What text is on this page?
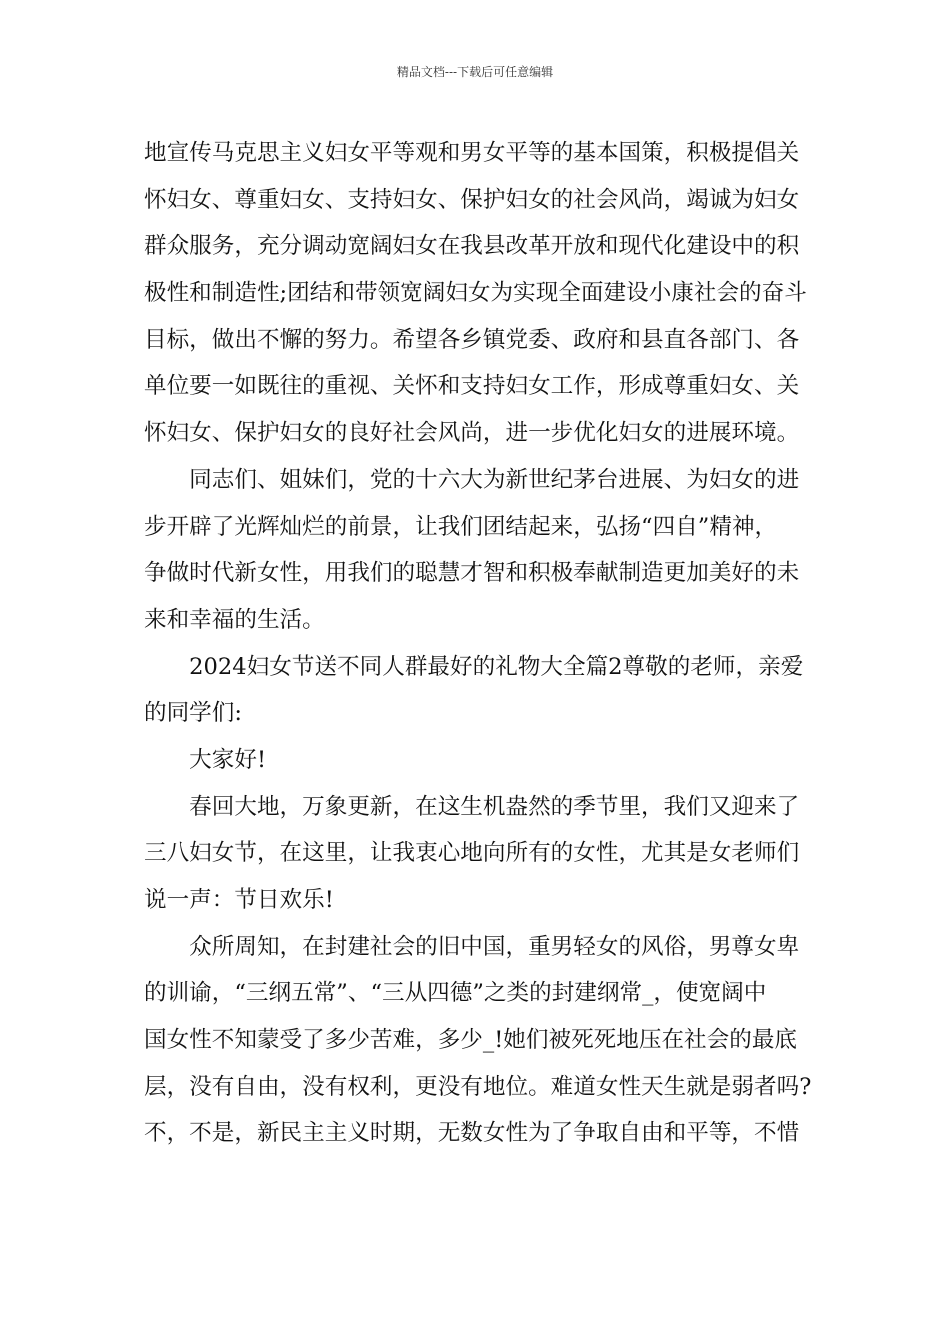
精品文档---下载后可任意编辑

地宣传马克思主义妇女平等观和男女平等的基本国策，积极提倡关
怀妇女、尊重妇女、支持妇女、保护妇女的社会风尚，竭诚为妇女
群众服务，充分调动宽阔妇女在我县改革开放和现代化建设中的积
极性和制造性;团结和带领宽阔妇女为实现全面建设小康社会的奋斗
目标，做出不懈的努力。希望各乡镇党委、政府和县直各部门、各
单位要一如既往的重视、关怀和支持妇女工作，形成尊重妇女、关
怀妇女、保护妇女的良好社会风尚，进一步优化妇女的进展环境。

　　同志们、姐妹们，党的十六大为新世纪茅台进展、为妇女的进
步开辟了光辉灿烂的前景，让我们团结起来，弘扬“四自”精神，
争做时代新女性，用我们的聪慧才智和积极奉献制造更加美好的未
来和幸福的生活。

　　2024妇女节送不同人群最好的礼物大全篇2尊敬的老师，亲爱
的同学们:

　　大家好!

　　春回大地，万象更新，在这生机盎然的季节里，我们又迎来了
三八妇女节，在这里，让我衷心地向所有的女性，尤其是女老师们
说一声：节日欢乐!

　　众所周知，在封建社会的旧中国，重男轻女的风俗，男尊女卑
的训谕，“三纲五常”、“三从四德”之类的封建纲常_，使宽阔中
国女性不知蒙受了多少苦难，多少_!她们被死死地压在社会的最底
层，没有自由，没有权利，更没有地位。难道女性天生就是弱者吗?
不，不是，新民主主义时期，无数女性为了争取自由和平等，不惜
